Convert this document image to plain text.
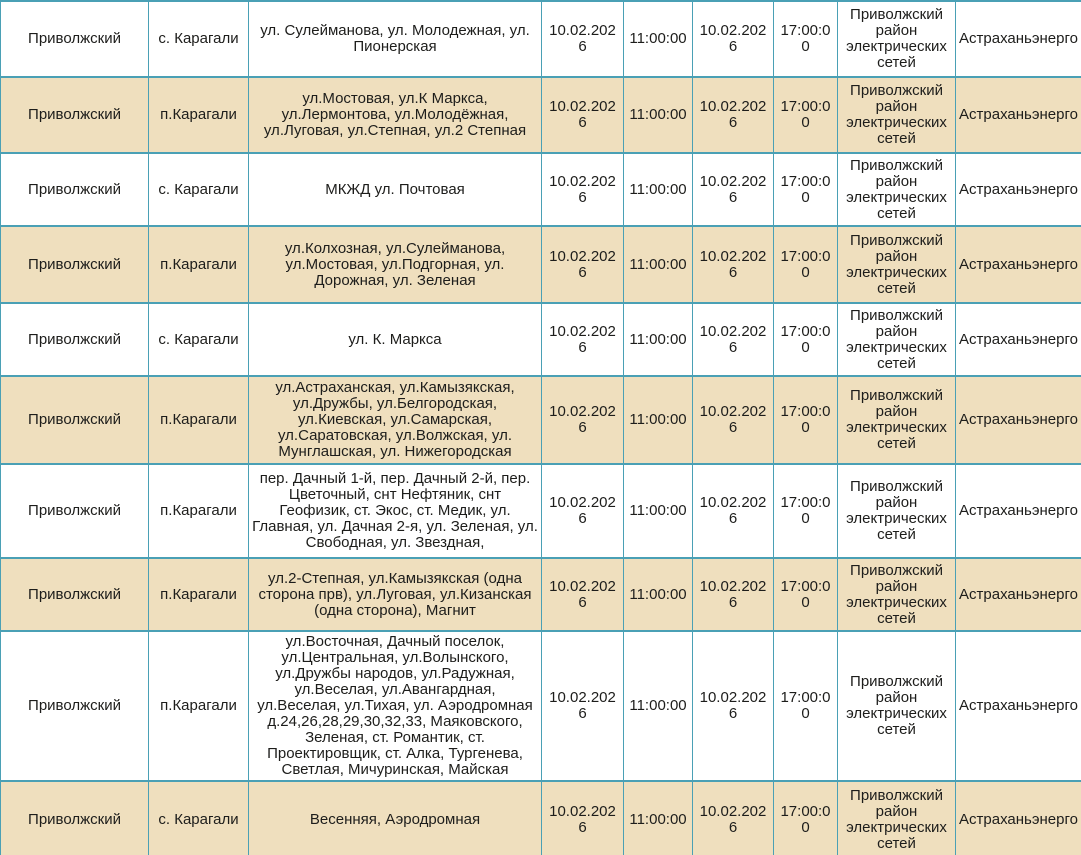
Приволжский	с. Карагали	ул. Сулейманова, ул. Молодежная, ул. Пионерская	10.02.2026	11:00:00	10.02.2026	17:00:00	Приволжский район электрических сетей	Астраханьэнерго
Приволжский	п.Карагали	ул.Мостовая, ул.К Маркса, ул.Лермонтова, ул.Молодёжная, ул.Луговая, ул.Степная, ул.2 Степная	10.02.2026	11:00:00	10.02.2026	17:00:00	Приволжский район электрических сетей	Астраханьэнерго
Приволжский	с. Карагали	МКЖД ул. Почтовая	10.02.2026	11:00:00	10.02.2026	17:00:00	Приволжский район электрических сетей	Астраханьэнерго
Приволжский	п.Карагали	ул.Колхозная, ул.Сулейманова, ул.Мостовая, ул.Подгорная, ул. Дорожная, ул. Зеленая	10.02.2026	11:00:00	10.02.2026	17:00:00	Приволжский район электрических сетей	Астраханьэнерго
Приволжский	с. Карагали	ул. К. Маркса	10.02.2026	11:00:00	10.02.2026	17:00:00	Приволжский район электрических сетей	Астраханьэнерго
Приволжский	п.Карагали	ул.Астраханская, ул.Камызякская, ул.Дружбы, ул.Белгородская, ул.Киевская, ул.Самарская, ул.Саратовская, ул.Волжская, ул. Мунглашская, ул. Нижегородская	10.02.2026	11:00:00	10.02.2026	17:00:00	Приволжский район электрических сетей	Астраханьэнерго
Приволжский	п.Карагали	пер. Дачный 1-й, пер. Дачный 2-й, пер. Цветочный, снт Нефтяник, снт Геофизик, ст. Экос, ст. Медик, ул. Главная, ул. Дачная 2-я, ул. Зеленая, ул. Свободная, ул. Звездная,	10.02.2026	11:00:00	10.02.2026	17:00:00	Приволжский район электрических сетей	Астраханьэнерго
Приволжский	п.Карагали	ул.2-Степная, ул.Камызякская (одна сторона прв), ул.Луговая, ул.Кизанская (одна сторона), Магнит	10.02.2026	11:00:00	10.02.2026	17:00:00	Приволжский район электрических сетей	Астраханьэнерго
Приволжский	п.Карагали	ул.Восточная, Дачный поселок, ул.Центральная, ул.Волынского, ул.Дружбы народов, ул.Радужная, ул.Веселая, ул.Авангардная, ул.Веселая, ул.Тихая, ул. Аэродромная д.24,26,28,29,30,32,33, Маяковского, Зеленая, ст. Романтик, ст. Проектировщик, ст. Алка, Тургенева, Светлая, Мичуринская, Майская	10.02.2026	11:00:00	10.02.2026	17:00:00	Приволжский район электрических сетей	Астраханьэнерго
Приволжский	с. Карагали	Весенняя, Аэродромная	10.02.2026	11:00:00	10.02.2026	17:00:00	Приволжский район электрических сетей	Астраханьэнерго
